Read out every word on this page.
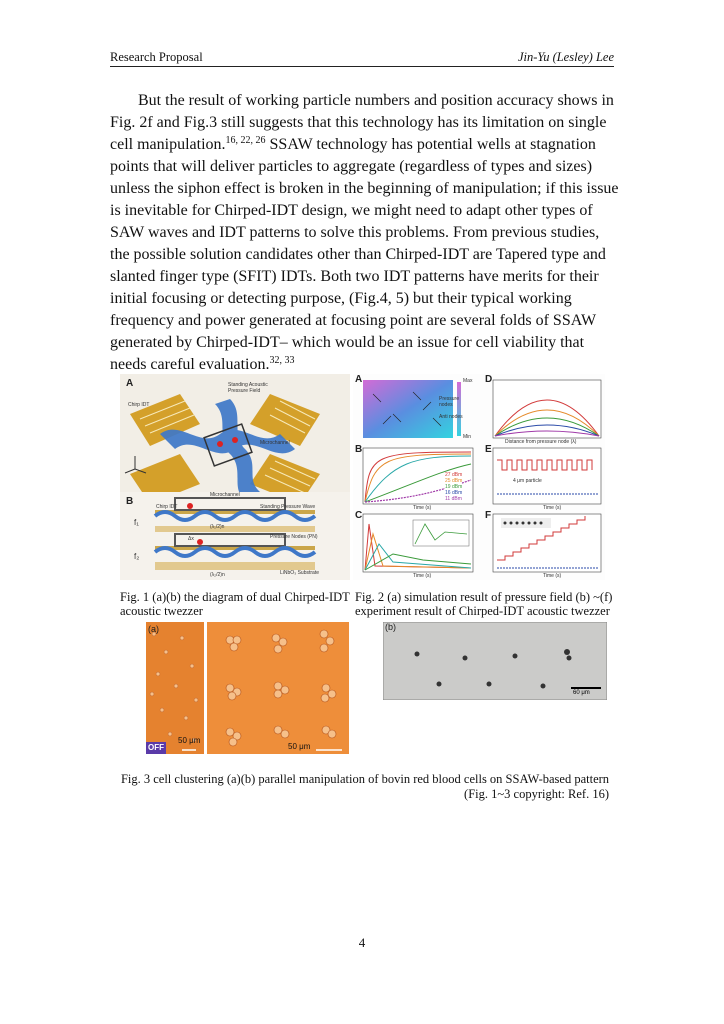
Research Proposal	Jin-Yu (Lesley) Lee

But the result of working particle numbers and position accuracy shows in Fig. 2f and Fig.3 still suggests that this technology has its limitation on single cell manipulation.$^{16, 22, 26}$ SSAW technology has potential wells at stagnation points that will deliver particles to aggregate (regardless of types and sizes) unless the siphon effect is broken in the beginning of manipulation; if this issue is inevitable for Chirped-IDT design, we might need to adapt other types of SAW waves and IDT patterns to solve this problems. From previous studies, the possible solution candidates other than Chirped-IDT are Tapered type and slanted finger type (SFIT) IDTs. Both two IDT patterns have merits for their initial focusing or detecting purpose, (Fig.4, 5) but their typical working frequency and power generated at focusing point are several folds of SSAW generated by Chirped-IDT– which would be an issue for cell viability that needs careful evaluation.$^{32, 33}$

A
B
Standing Acoustic Pressure Field
Chirp IDT
Microchannel
Microchannel
Chirp IDT	Standing Pressure Wave
Pressure Nodes (PN)
LiNbO₃ Substrate
f₁
f₂
(λ₁/2)n
(λ₂/2)n
Δx
A
B
C
D
E
F
Max
Min
Pressure nodes
Anti nodes
Distance from pressure node (λ)
4 μm particle
Time (s)	Time (s)
Time (s)	Time (s)
27 dBm
25 dBm
19 dBm
16 dBm
11 dBm
Fig. 1 (a)(b) the diagram of dual Chirped-IDT acoustic twezzer
Fig. 2 (a) simulation result of pressure field (b) ~(f) experiment result of Chirped-IDT acoustic twezzer
(a)
OFF
50 μm
50 μm
(b)
60 μm
Fig. 3 cell clustering (a)(b) parallel manipulation of bovin red blood cells on SSAW-based pattern
(Fig. 1~3 copyright: Ref. 16)
4
